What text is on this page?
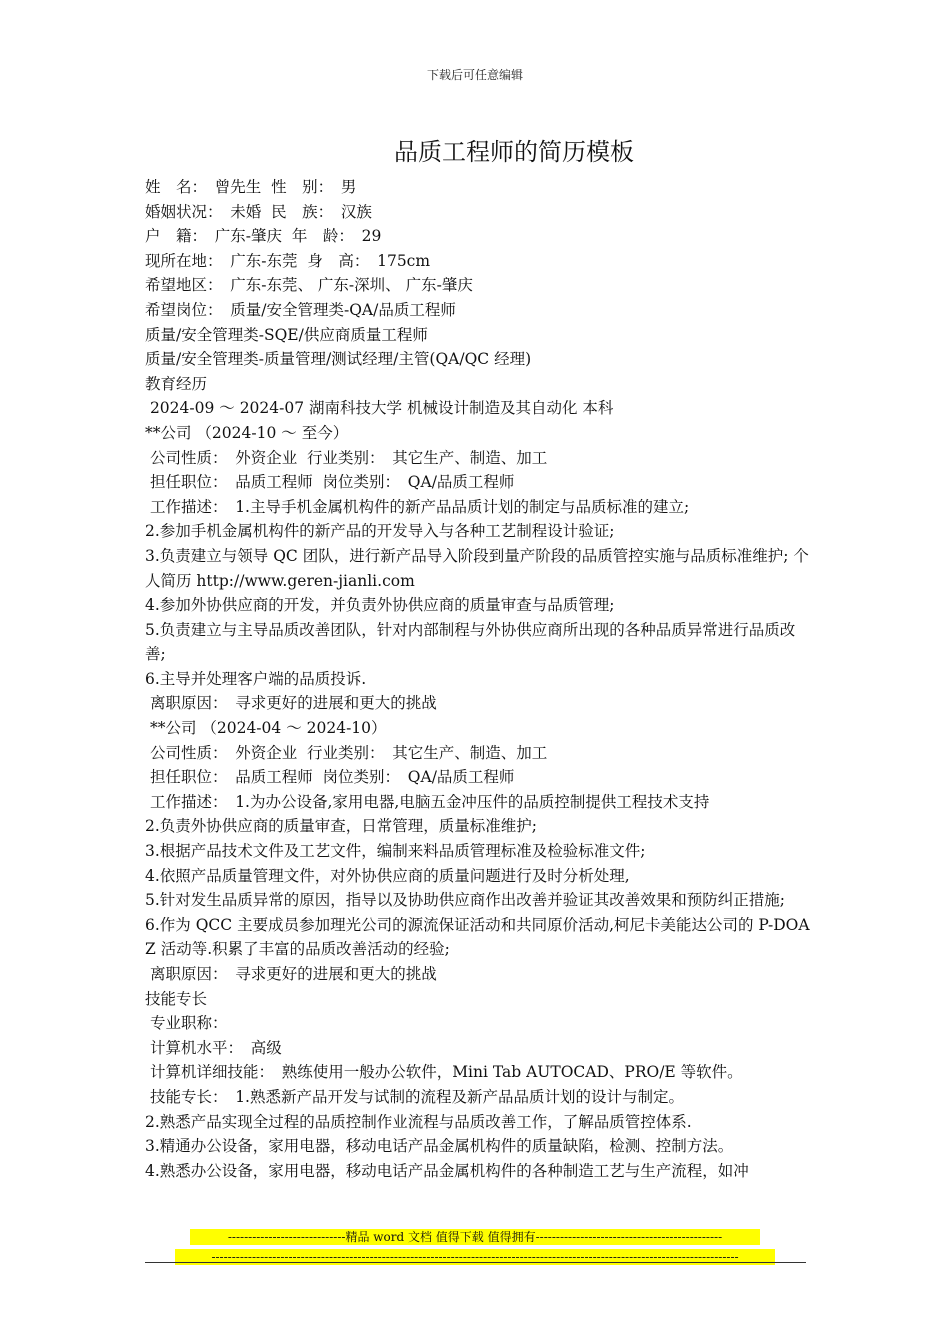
下载后可任意编辑
品质工程师的简历模板

姓　名：　曾先生  性　别：　男

婚姻状况：　未婚  民　族：　汉族

户　籍：　广东-肇庆  年　龄：　29

现所在地：　广东-东莞  身　高：　175cm

希望地区：　广东-东莞、 广东-深圳、 广东-肇庆

希望岗位：　质量/安全管理类-QA/品质工程师

质量/安全管理类-SQE/供应商质量工程师

质量/安全管理类-质量管理/测试经理/主管(QA/QC 经理)

教育经历

2024-09 ～ 2024-07 湖南科技大学 机械设计制造及其自动化 本科

**公司 （2024-10 ～ 至今）

公司性质：　外资企业  行业类别：　其它生产、制造、加工

担任职位：　品质工程师  岗位类别：　QA/品质工程师

工作描述：　1.主导手机金属机构件的新产品品质计划的制定与品质标准的建立;

2.参加手机金属机构件的新产品的开发导入与各种工艺制程设计验证;

3.负责建立与领导 QC 团队，进行新产品导入阶段到量产阶段的品质管控实施与品质标准维护; 个人简历 http://www.geren-jianli.com

4.参加外协供应商的开发，并负责外协供应商的质量审查与品质管理;

5.负责建立与主导品质改善团队，针对内部制程与外协供应商所出现的各种品质异常进行品质改善;

6.主导并处理客户端的品质投诉.

离职原因：　寻求更好的进展和更大的挑战

**公司 （2024-04 ～ 2024-10）

公司性质：　外资企业  行业类别：　其它生产、制造、加工

担任职位：　品质工程师  岗位类别：　QA/品质工程师

工作描述：　1.为办公设备,家用电器,电脑五金冲压件的品质控制提供工程技术支持

2.负责外协供应商的质量审查，日常管理，质量标准维护;

3.根据产品技术文件及工艺文件，编制来料品质管理标准及检验标准文件;

4.依照产品质量管理文件，对外协供应商的质量问题进行及时分析处理,

5.针对发生品质异常的原因，指导以及协助供应商作出改善并验证其改善效果和预防纠正措施;

6.作为 QCC 主要成员参加理光公司的源流保证活动和共同原价活动,柯尼卡美能达公司的 P-DOAZ 活动等.积累了丰富的品质改善活动的经验;

离职原因：　寻求更好的进展和更大的挑战

技能专长

专业职称：

计算机水平：　高级

计算机详细技能：　熟练使用一般办公软件，Mini Tab AUTOCAD、PRO/E 等软件。

技能专长：　1.熟悉新产品开发与试制的流程及新产品品质计划的设计与制定。

2.熟悉产品实现全过程的品质控制作业流程与品质改善工作，了解品质管控体系.

3.精通办公设备，家用电器，移动电话产品金属机构件的质量缺陷，检测、控制方法。

4.熟悉办公设备，家用电器，移动电话产品金属机构件的各种制造工艺与生产流程，如冲

-----------------------------精品 word 文档 值得下载 值得拥有----------------------------------------------
----------------------------------------------------------------------------------------------------------------------------------
